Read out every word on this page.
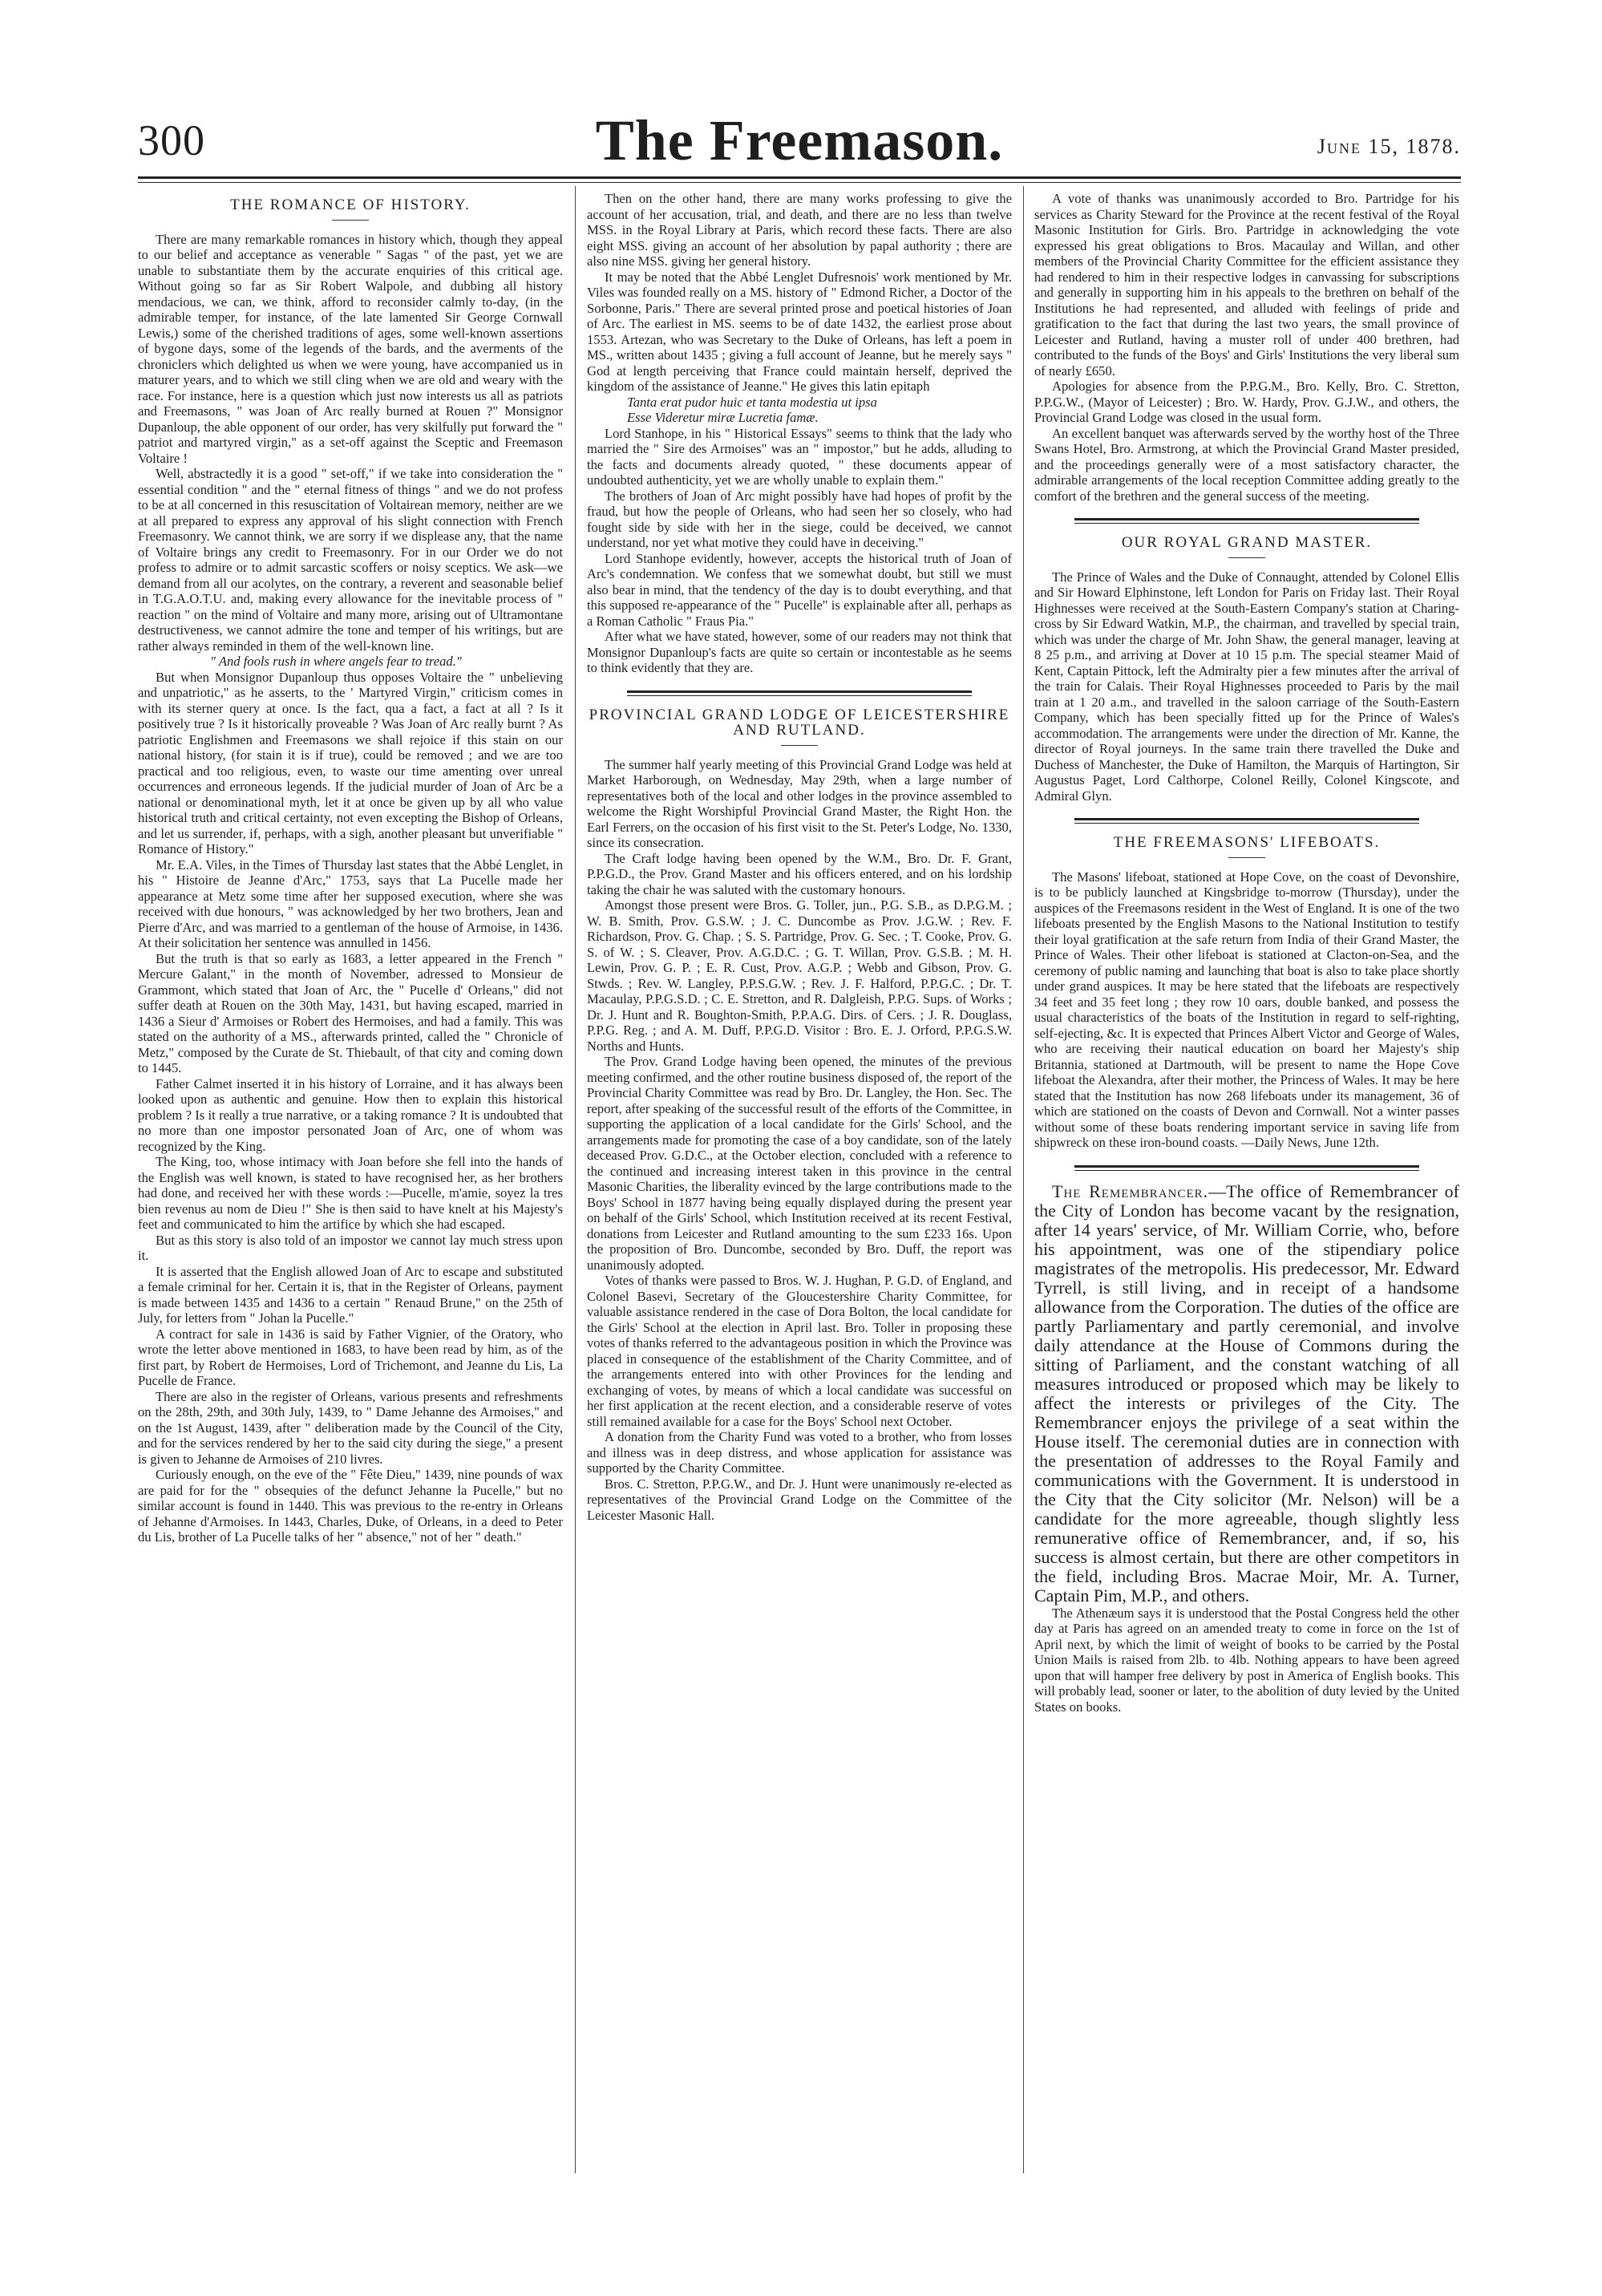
300	The Freemason.	June 15, 1878.
THE ROMANCE OF HISTORY.

There are many remarkable romances in history which, though they appeal to our belief and acceptance as venerable " Sagas " of the past, yet we are unable to substantiate them by the accurate enquiries of this critical age. Without going so far as Sir Robert Walpole, and dubbing all history mendacious, we can, we think, afford to reconsider calmly to-day, (in the admirable temper, for instance, of the late lamented Sir George Cornwall Lewis,) some of the cherished traditions of ages, some well-known assertions of bygone days, some of the legends of the bards, and the averments of the chroniclers which delighted us when we were young, have accompanied us in maturer years, and to which we still cling when we are old and weary with the race. For instance, here is a question which just now interests us all as patriots and Freemasons, " was Joan of Arc really burned at Rouen ?" Monsignor Dupanloup, the able opponent of our order, has very skilfully put forward the " patriot and martyred virgin," as a set-off against the Sceptic and Freemason Voltaire !

Well, abstractedly it is a good " set-off," if we take into consideration the " essential condition " and the " eternal fitness of things " and we do not profess to be at all concerned in this resuscitation of Voltairean memory, neither are we at all prepared to express any approval of his slight connection with French Freemasonry. We cannot think, we are sorry if we displease any, that the name of Voltaire brings any credit to Freemasonry. For in our Order we do not profess to admire or to admit sarcastic scoffers or noisy sceptics. We ask—we demand from all our acolytes, on the contrary, a reverent and seasonable belief in T.G.A.O.T.U. and, making every allowance for the inevitable process of " reaction " on the mind of Voltaire and many more, arising out of Ultramontane destructiveness, we cannot admire the tone and temper of his writings, but are rather always reminded in them of the well-known line.

" And fools rush in where angels fear to tread."

But when Monsignor Dupanloup thus opposes Voltaire the " unbelieving and unpatriotic," as he asserts, to the ' Martyred Virgin," criticism comes in with its sterner query at once. Is the fact, qua a fact, a fact at all ? Is it positively true ? Is it historically proveable ? Was Joan of Arc really burnt ? As patriotic Englishmen and Freemasons we shall rejoice if this stain on our national history, (for stain it is if true), could be removed ; and we are too practical and too religious, even, to waste our time amenting over unreal occurrences and erroneous legends. If the judicial murder of Joan of Arc be a national or denominational myth, let it at once be given up by all who value historical truth and critical certainty, not even excepting the Bishop of Orleans, and let us surrender, if, perhaps, with a sigh, another pleasant but unverifiable " Romance of History."

Mr. E.A. Viles, in the Times of Thursday last states that the Abbé Lenglet, in his " Histoire de Jeanne d'Arc," 1753, says that La Pucelle made her appearance at Metz some time after her supposed execution, where she was received with due honours, " was acknowledged by her two brothers, Jean and Pierre d'Arc, and was married to a gentleman of the house of Armoise, in 1436. At their solicitation her sentence was annulled in 1456.

But the truth is that so early as 1683, a letter appeared in the French " Mercure Galant," in the month of November, adressed to Monsieur de Grammont, which stated that Joan of Arc, the " Pucelle d' Orleans," did not suffer death at Rouen on the 30th May, 1431, but having escaped, married in 1436 a Sieur d' Armoises or Robert des Hermoises, and had a family. This was stated on the authority of a MS., afterwards printed, called the " Chronicle of Metz," composed by the Curate de St. Thiebault, of that city and coming down to 1445.

Father Calmet inserted it in his history of Lorraine, and it has always been looked upon as authentic and genuine. How then to explain this historical problem ? Is it really a true narrative, or a taking romance ? It is undoubted that no more than one impostor personated Joan of Arc, one of whom was recognized by the King.

The King, too, whose intimacy with Joan before she fell into the hands of the English was well known, is stated to have recognised her, as her brothers had done, and received her with these words :—Pucelle, m'amie, soyez la tres bien revenus au nom de Dieu !" She is then said to have knelt at his Majesty's feet and communicated to him the artifice by which she had escaped.

But as this story is also told of an impostor we cannot lay much stress upon it.

It is asserted that the English allowed Joan of Arc to escape and substituted a female criminal for her. Certain it is, that in the Register of Orleans, payment is made between 1435 and 1436 to a certain " Renaud Brune," on the 25th of July, for letters from " Johan la Pucelle."

A contract for sale in 1436 is said by Father Vignier, of the Oratory, who wrote the letter above mentioned in 1683, to have been read by him, as of the first part, by Robert de Hermoises, Lord of Trichemont, and Jeanne du Lis, La Pucelle de France.

There are also in the register of Orleans, various presents and refreshments on the 28th, 29th, and 30th July, 1439, to " Dame Jehanne des Armoises," and on the 1st August, 1439, after " deliberation made by the Council of the City, and for the services rendered by her to the said city during the siege," a present is given to Jehanne de Armoises of 210 livres.

Curiously enough, on the eve of the " Fête Dieu," 1439, nine pounds of wax are paid for for the " obsequies of the defunct Jehanne la Pucelle," but no similar account is found in 1440. This was previous to the re-entry in Orleans of Jehanne d'Armoises. In 1443, Charles, Duke, of Orleans, in a deed to Peter du Lis, brother of La Pucelle talks of her " absence," not of her " death."

Then on the other hand, there are many works professing to give the account of her accusation, trial, and death, and there are no less than twelve MSS. in the Royal Library at Paris, which record these facts. There are also eight MSS. giving an account of her absolution by papal authority ; there are also nine MSS. giving her general history.

It may be noted that the Abbé Lenglet Dufresnois' work mentioned by Mr. Viles was founded really on a MS. history of " Edmond Richer, a Doctor of the Sorbonne, Paris." There are several printed prose and poetical histories of Joan of Arc. The earliest in MS. seems to be of date 1432, the earliest prose about 1553. Artezan, who was Secretary to the Duke of Orleans, has left a poem in MS., written about 1435 ; giving a full account of Jeanne, but he merely says " God at length perceiving that France could maintain herself, deprived the kingdom of the assistance of Jeanne." He gives this latin epitaph

Tanta erat pudor huic et tanta modestia ut ipsa

Esse Videretur miræ Lucretia famæ.

Lord Stanhope, in his " Historical Essays" seems to think that the lady who married the " Sire des Armoises" was an " impostor," but he adds, alluding to the facts and documents already quoted, " these documents appear of undoubted authenticity, yet we are wholly unable to explain them."

The brothers of Joan of Arc might possibly have had hopes of profit by the fraud, but how the people of Orleans, who had seen her so closely, who had fought side by side with her in the siege, could be deceived, we cannot understand, nor yet what motive they could have in deceiving."

Lord Stanhope evidently, however, accepts the historical truth of Joan of Arc's condemnation. We confess that we somewhat doubt, but still we must also bear in mind, that the tendency of the day is to doubt everything, and that this supposed re-appearance of the " Pucelle" is explainable after all, perhaps as a Roman Catholic " Fraus Pia."

After what we have stated, however, some of our readers may not think that Monsignor Dupanloup's facts are quite so certain or incontestable as he seems to think evidently that they are.

PROVINCIAL GRAND LODGE OF LEICESTERSHIRE AND RUTLAND.

The summer half yearly meeting of this Provincial Grand Lodge was held at Market Harborough, on Wednesday, May 29th, when a large number of representatives both of the local and other lodges in the province assembled to welcome the Right Worshipful Provincial Grand Master, the Right Hon. the Earl Ferrers, on the occasion of his first visit to the St. Peter's Lodge, No. 1330, since its consecration.

The Craft lodge having been opened by the W.M., Bro. Dr. F. Grant, P.P.G.D., the Prov. Grand Master and his officers entered, and on his lordship taking the chair he was saluted with the customary honours.

Amongst those present were Bros. G. Toller, jun., P.G. S.B., as D.P.G.M. ; W. B. Smith, Prov. G.S.W. ; J. C. Duncombe as Prov. J.G.W. ; Rev. F. Richardson, Prov. G. Chap. ; S. S. Partridge, Prov. G. Sec. ; T. Cooke, Prov. G. S. of W. ; S. Cleaver, Prov. A.G.D.C. ; G. T. Willan, Prov. G.S.B. ; M. H. Lewin, Prov. G. P. ; E. R. Cust, Prov. A.G.P. ; Webb and Gibson, Prov. G. Stwds. ; Rev. W. Langley, P.P.S.G.W. ; Rev. J. F. Halford, P.P.G.C. ; Dr. T. Macaulay, P.P.G.S.D. ; C. E. Stretton, and R. Dalgleish, P.P.G. Sups. of Works ; Dr. J. Hunt and R. Boughton-Smith, P.P.A.G. Dirs. of Cers. ; J. R. Douglass, P.P.G. Reg. ; and A. M. Duff, P.P.G.D. Visitor : Bro. E. J. Orford, P.P.G.S.W. Norths and Hunts.

The Prov. Grand Lodge having been opened, the minutes of the previous meeting confirmed, and the other routine business disposed of, the report of the Provincial Charity Committee was read by Bro. Dr. Langley, the Hon. Sec. The report, after speaking of the successful result of the efforts of the Committee, in supporting the application of a local candidate for the Girls' School, and the arrangements made for promoting the case of a boy candidate, son of the lately deceased Prov. G.D.C., at the October election, concluded with a reference to the continued and increasing interest taken in this province in the central Masonic Charities, the liberality evinced by the large contributions made to the Boys' School in 1877 having being equally displayed during the present year on behalf of the Girls' School, which Institution received at its recent Festival, donations from Leicester and Rutland amounting to the sum £233 16s. Upon the proposition of Bro. Duncombe, seconded by Bro. Duff, the report was unanimously adopted.

Votes of thanks were passed to Bros. W. J. Hughan, P. G.D. of England, and Colonel Basevi, Secretary of the Gloucestershire Charity Committee, for valuable assistance rendered in the case of Dora Bolton, the local candidate for the Girls' School at the election in April last. Bro. Toller in proposing these votes of thanks referred to the advantageous position in which the Province was placed in consequence of the establishment of the Charity Committee, and of the arrangements entered into with other Provinces for the lending and exchanging of votes, by means of which a local candidate was successful on her first application at the recent election, and a considerable reserve of votes still remained available for a case for the Boys' School next October.

A donation from the Charity Fund was voted to a brother, who from losses and illness was in deep distress, and whose application for assistance was supported by the Charity Committee.

Bros. C. Stretton, P.P.G.W., and Dr. J. Hunt were unanimously re-elected as representatives of the Provincial Grand Lodge on the Committee of the Leicester Masonic Hall.

A vote of thanks was unanimously accorded to Bro. Partridge for his services as Charity Steward for the Province at the recent festival of the Royal Masonic Institution for Girls. Bro. Partridge in acknowledging the vote expressed his great obligations to Bros. Macaulay and Willan, and other members of the Provincial Charity Committee for the efficient assistance they had rendered to him in their respective lodges in canvassing for subscriptions and generally in supporting him in his appeals to the brethren on behalf of the Institutions he had represented, and alluded with feelings of pride and gratification to the fact that during the last two years, the small province of Leicester and Rutland, having a muster roll of under 400 brethren, had contributed to the funds of the Boys' and Girls' Institutions the very liberal sum of nearly £650.

Apologies for absence from the P.P.G.M., Bro. Kelly, Bro. C. Stretton, P.P.G.W., (Mayor of Leicester) ; Bro. W. Hardy, Prov. G.J.W., and others, the Provincial Grand Lodge was closed in the usual form.

An excellent banquet was afterwards served by the worthy host of the Three Swans Hotel, Bro. Armstrong, at which the Provincial Grand Master presided, and the proceedings generally were of a most satisfactory character, the admirable arrangements of the local reception Committee adding greatly to the comfort of the brethren and the general success of the meeting.

OUR ROYAL GRAND MASTER.

The Prince of Wales and the Duke of Connaught, attended by Colonel Ellis and Sir Howard Elphinstone, left London for Paris on Friday last. Their Royal Highnesses were received at the South-Eastern Company's station at Charing-cross by Sir Edward Watkin, M.P., the chairman, and travelled by special train, which was under the charge of Mr. John Shaw, the general manager, leaving at 8 25 p.m., and arriving at Dover at 10 15 p.m. The special steamer Maid of Kent, Captain Pittock, left the Admiralty pier a few minutes after the arrival of the train for Calais. Their Royal Highnesses proceeded to Paris by the mail train at 1 20 a.m., and travelled in the saloon carriage of the South-Eastern Company, which has been specially fitted up for the Prince of Wales's accommodation. The arrangements were under the direction of Mr. Kanne, the director of Royal journeys. In the same train there travelled the Duke and Duchess of Manchester, the Duke of Hamilton, the Marquis of Hartington, Sir Augustus Paget, Lord Calthorpe, Colonel Reilly, Colonel Kingscote, and Admiral Glyn.

THE FREEMASONS' LIFEBOATS.

The Masons' lifeboat, stationed at Hope Cove, on the coast of Devonshire, is to be publicly launched at Kingsbridge to-morrow (Thursday), under the auspices of the Freemasons resident in the West of England. It is one of the two lifeboats presented by the English Masons to the National Institution to testify their loyal gratification at the safe return from India of their Grand Master, the Prince of Wales. Their other lifeboat is stationed at Clacton-on-Sea, and the ceremony of public naming and launching that boat is also to take place shortly under grand auspices. It may be here stated that the lifeboats are respectively 34 feet and 35 feet long ; they row 10 oars, double banked, and possess the usual characteristics of the boats of the Institution in regard to self-righting, self-ejecting, &c. It is expected that Princes Albert Victor and George of Wales, who are receiving their nautical education on board her Majesty's ship Britannia, stationed at Dartmouth, will be present to name the Hope Cove lifeboat the Alexandra, after their mother, the Princess of Wales. It may be here stated that the Institution has now 268 lifeboats under its management, 36 of which are stationed on the coasts of Devon and Cornwall. Not a winter passes without some of these boats rendering important service in saving life from shipwreck on these iron-bound coasts. —Daily News, June 12th.

The Remembrancer.—The office of Remembrancer of the City of London has become vacant by the resignation, after 14 years' service, of Mr. William Corrie, who, before his appointment, was one of the stipendiary police magistrates of the metropolis. His predecessor, Mr. Edward Tyrrell, is still living, and in receipt of a handsome allowance from the Corporation. The duties of the office are partly Parliamentary and partly ceremonial, and involve daily attendance at the House of Commons during the sitting of Parliament, and the constant watching of all measures introduced or proposed which may be likely to affect the interests or privileges of the City. The Remembrancer enjoys the privilege of a seat within the House itself. The ceremonial duties are in connection with the presentation of addresses to the Royal Family and communications with the Government. It is understood in the City that the City solicitor (Mr. Nelson) will be a candidate for the more agreeable, though slightly less remunerative office of Remembrancer, and, if so, his success is almost certain, but there are other competitors in the field, including Bros. Macrae Moir, Mr. A. Turner, Captain Pim, M.P., and others.

The Athenæum says it is understood that the Postal Congress held the other day at Paris has agreed on an amended treaty to come in force on the 1st of April next, by which the limit of weight of books to be carried by the Postal Union Mails is raised from 2lb. to 4lb. Nothing appears to have been agreed upon that will hamper free delivery by post in America of English books. This will probably lead, sooner or later, to the abolition of duty levied by the United States on books.
